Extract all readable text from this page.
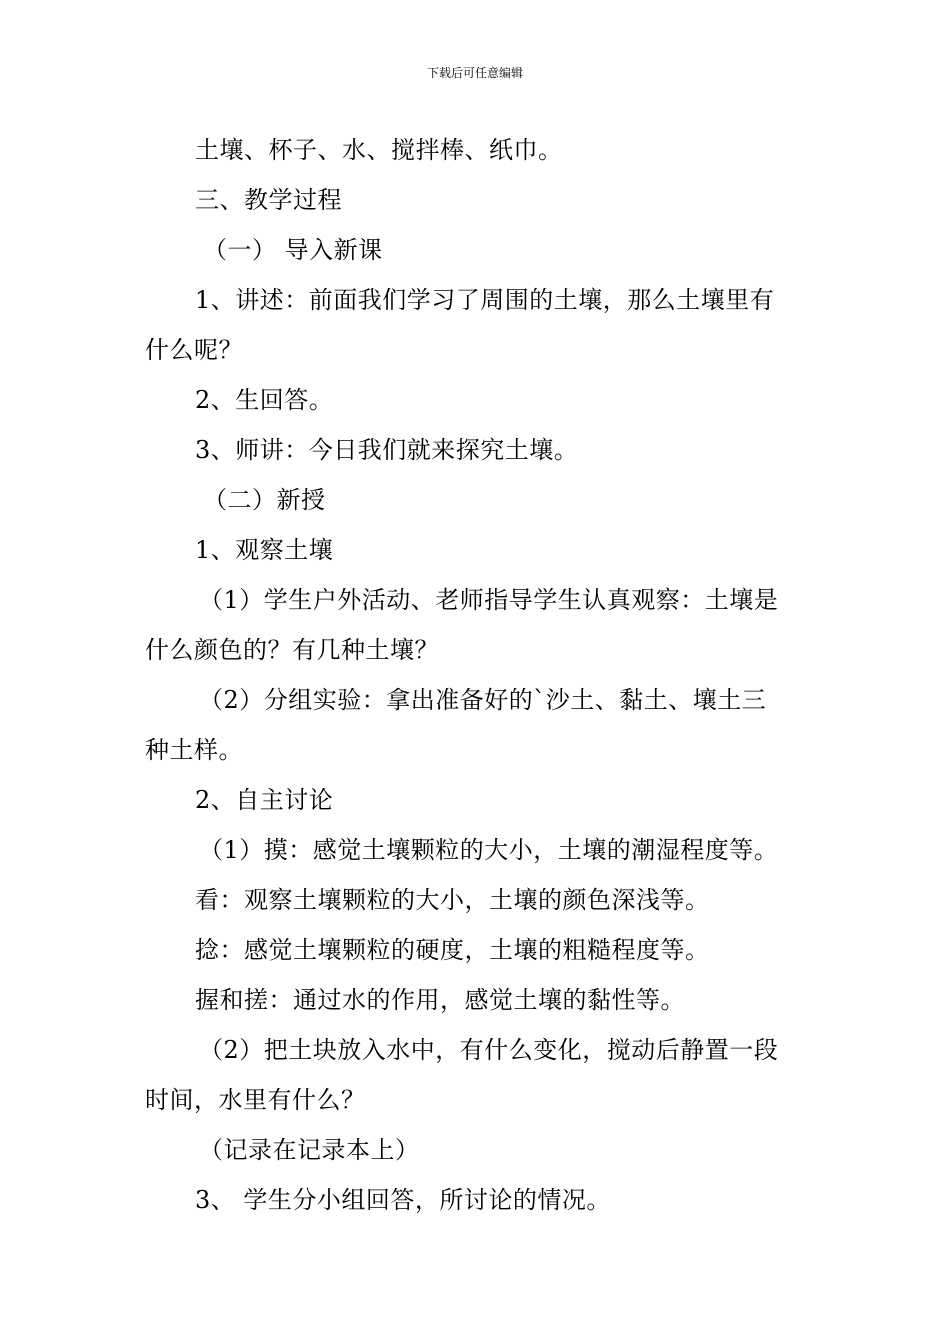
下载后可任意编辑
土壤、杯子、水、搅拌棒、纸巾。
三、教学过程
（一） 导入新课
1、讲述：前面我们学习了周围的土壤，那么土壤里有
什么呢？
2、生回答。
3、师讲：今日我们就来探究土壤。
（二）新授
1、观察土壤
（1）学生户外活动、老师指导学生认真观察：土壤是
什么颜色的？有几种土壤？
（2）分组实验：拿出准备好的`沙土、黏土、壤土三
种土样。
2、自主讨论
（1）摸：感觉土壤颗粒的大小，土壤的潮湿程度等。
看：观察土壤颗粒的大小，土壤的颜色深浅等。
捻：感觉土壤颗粒的硬度，土壤的粗糙程度等。
握和搓：通过水的作用，感觉土壤的黏性等。
（2）把土块放入水中，有什么变化，搅动后静置一段
时间，水里有什么？
（记录在记录本上）
3、 学生分小组回答，所讨论的情况。
